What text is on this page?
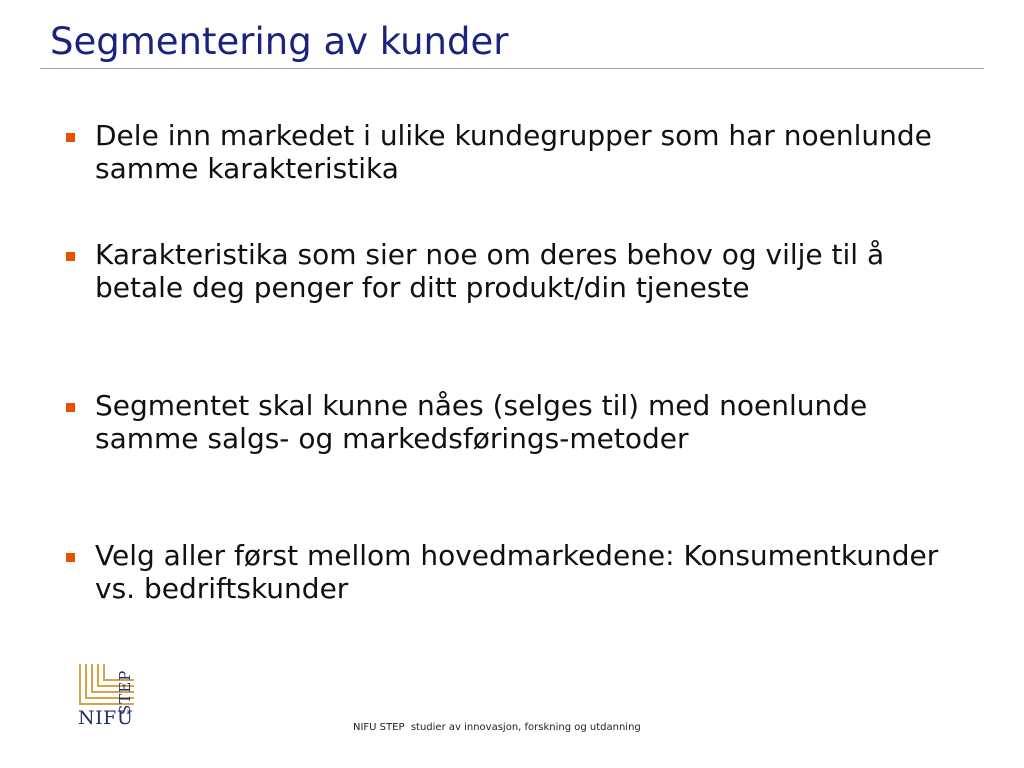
Segmentering av kunder
Dele inn markedet i ulike kundegrupper som har noenlunde samme karakteristika
Karakteristika som sier noe om deres behov og vilje til å betale deg penger for ditt produkt/din tjeneste
Segmentet skal kunne nåes (selges til) med noenlunde samme salgs- og markedsførings-metoder
Velg aller først mellom hovedmarkedene: Konsumentkunder vs. bedriftskunder
NIFU
STEP
NIFU STEP  studier av innovasjon, forskning og utdanning
